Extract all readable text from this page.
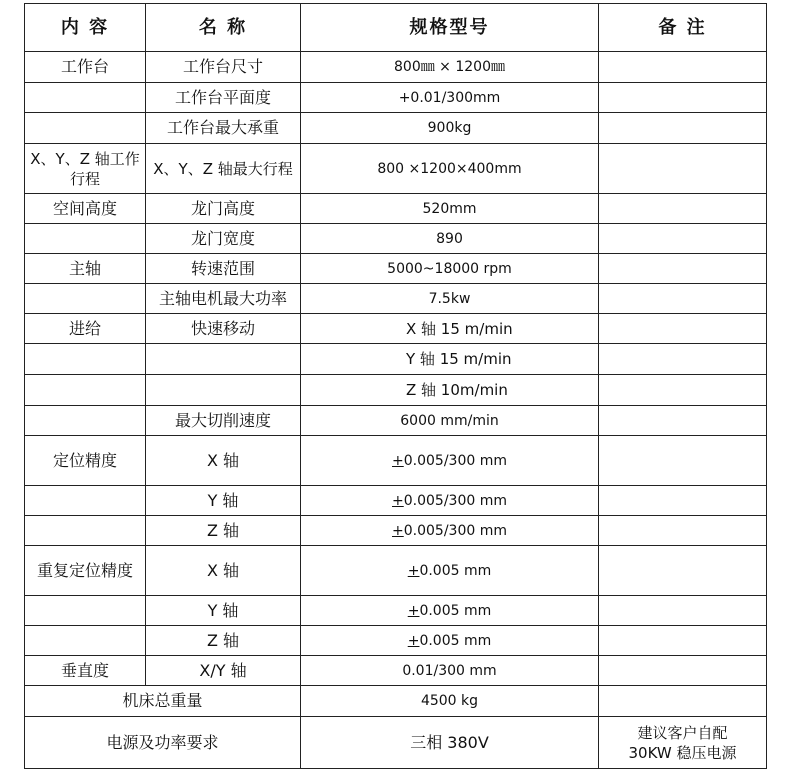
内 容	名 称	规格型号	备 注
工作台	工作台尺寸	800㎜ × 1200㎜	
	工作台平面度	+0.01/300mm	
	工作台最大承重	900kg	
X、Y、Z 轴工作行程	X、Y、Z 轴最大行程	800 ×1200×400mm	
空间高度	龙门高度	520mm	
	龙门宽度	890	
主轴	转速范围	5000~18000 rpm	
	主轴电机最大功率	7.5kw	
进给	快速移动	X 轴 15 m/min	
		Y 轴 15 m/min	
		Z 轴 10m/min	
	最大切削速度	6000 mm/min	
定位精度	X 轴	+0.005/300 mm	
	Y 轴	+0.005/300 mm	
	Z 轴	+0.005/300 mm	
重复定位精度	X 轴	+0.005 mm	
	Y 轴	+0.005 mm	
	Z 轴	+0.005 mm	
垂直度	X/Y 轴	0.01/300 mm	
机床总重量		4500 kg	
电源及功率要求		三相 380V	建议客户自配
30KW 稳压电源
